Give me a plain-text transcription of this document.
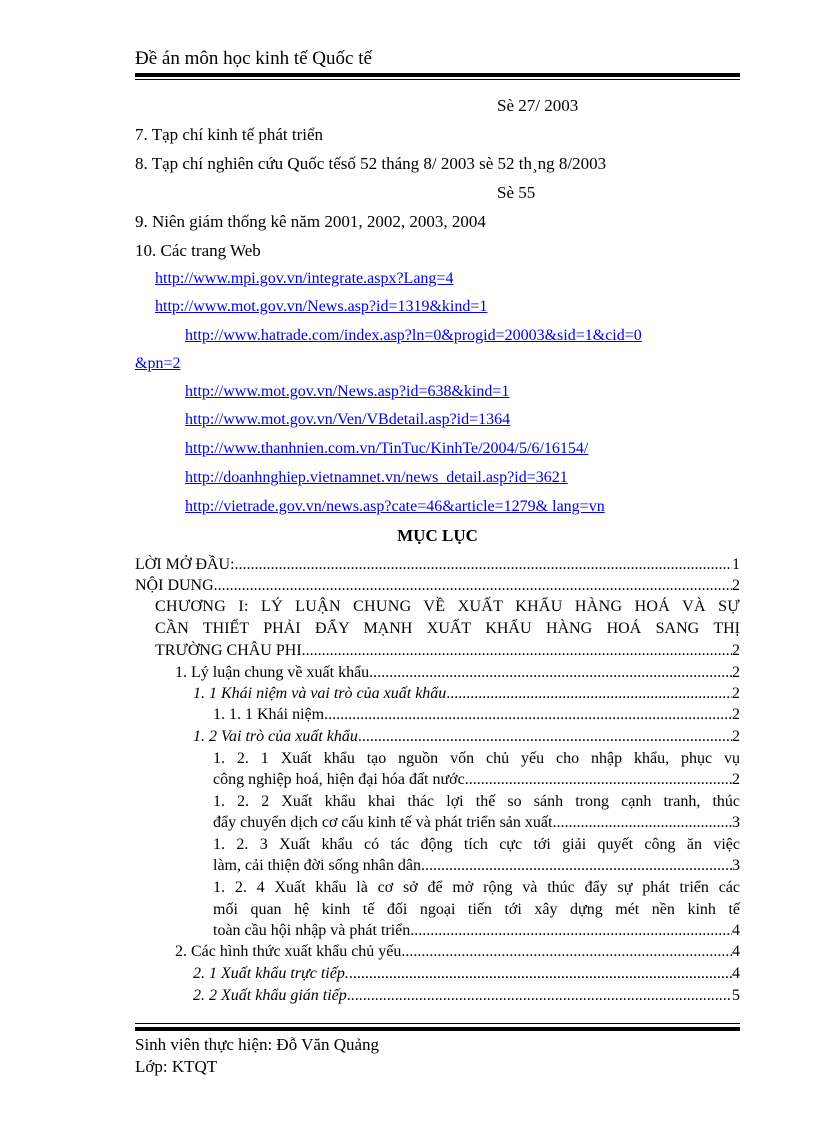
Đề án môn học kinh tế Quốc tế
Sè 27/ 2003
7. Tạp chí kinh tế phát triển
8. Tạp chí nghiên cứu Quốc tếsố 52 tháng 8/ 2003 sè 52 th¸ng 8/2003
Sè 55
9. Niên giám thống kê năm 2001, 2002, 2003, 2004
10. Các trang Web
http://www.mpi.gov.vn/integrate.aspx?Lang=4
http://www.mot.gov.vn/News.asp?id=1319&kind=1
http://www.hatrade.com/index.asp?ln=0&progid=20003&sid=1&cid=0
&pn=2
http://www.mot.gov.vn/News.asp?id=638&kind=1
http://www.mot.gov.vn/Ven/VBdetail.asp?id=1364
http://www.thanhnien.com.vn/TinTuc/KinhTe/2004/5/6/16154/
http://doanhnghiep.vietnamnet.vn/news_detail.asp?id=3621
http://vietrade.gov.vn/news.asp?cate=46&article=1279& lang=vn
MỤC LỤC
LỜI MỞ ĐẦU: .....	1
NỘI DUNG .....	2
CHƯƠNG I: LÝ LUẬN CHUNG VỀ XUẤT KHẨU HÀNG HOÁ VÀ SỰ
CẦN THIẾT PHẢI ĐẨY MẠNH XUẤT KHẨU HÀNG HOÁ SANG THỊ
TRƯỜNG CHÂU PHI .....	2
1. Lý luận chung về xuất khẩu .....	2
1. 1 Khái niệm và vai trò của xuất khẩu .....	2
1. 1. 1 Khái niệm .....	2
1. 2 Vai trò của xuất khẩu .....	2
1. 2. 1 Xuất khẩu tạo nguồn vốn chủ yếu cho nhập khẩu, phục vụ
công nghiệp hoá, hiện đại hóa đất nước. .....	2
1. 2. 2 Xuất khẩu khai thác lợi thế so sánh trong cạnh tranh, thúc
đẩy chuyển dịch cơ cấu kinh tế và phát triển sản xuất. .....	3
1. 2. 3 Xuất khẩu có tác động tích cực tới giải quyết công ăn việc
làm, cải thiện đời sống nhân dân. .....	3
1. 2. 4 Xuất khẩu là cơ sở để mở rộng và thúc đẩy sự phát triển các
mối quan hệ kinh tế đối ngoại tiến tới xây dựng mét nền kinh tế
toàn cầu hội nhập và phát triển. .....	4
2. Các hình thức xuất khẩu chủ yếu .....	4
2. 1 Xuất khẩu trực tiếp. .....	4
2. 2 Xuất khẩu gián tiếp .....	5
Sinh viên thực hiện: Đỗ Văn Quảng
Lớp: KTQT
